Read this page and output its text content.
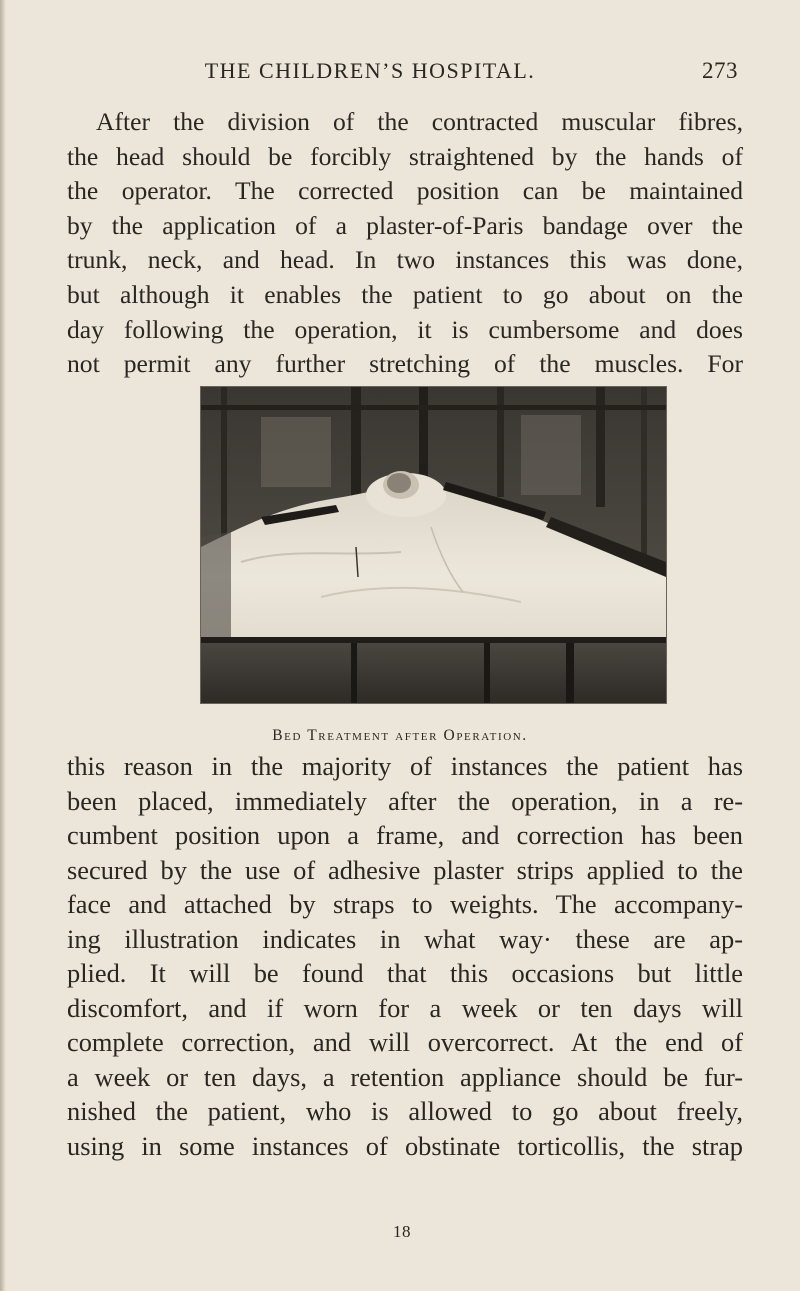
THE CHILDREN’S HOSPITAL.	273
After the division of the contracted muscular fibres,
the head should be forcibly straightened by the hands of
the operator. The corrected position can be maintained
by the application of a plaster-of-Paris bandage over the
trunk, neck, and head. In two instances this was done,
but although it enables the patient to go about on the
day following the operation, it is cumbersome and does
not permit any further stretching of the muscles. For
Bed Treatment after Operation.
this reason in the majority of instances the patient has
been placed, immediately after the operation, in a re-
cumbent position upon a frame, and correction has been
secured by the use of adhesive plaster strips applied to the
face and attached by straps to weights. The accompany-
ing illustration indicates in what way· these are ap-
plied. It will be found that this occasions but little
discomfort, and if worn for a week or ten days will
complete correction, and will overcorrect. At the end of
a week or ten days, a retention appliance should be fur-
nished the patient, who is allowed to go about freely,
using in some instances of obstinate torticollis, the strap
18
